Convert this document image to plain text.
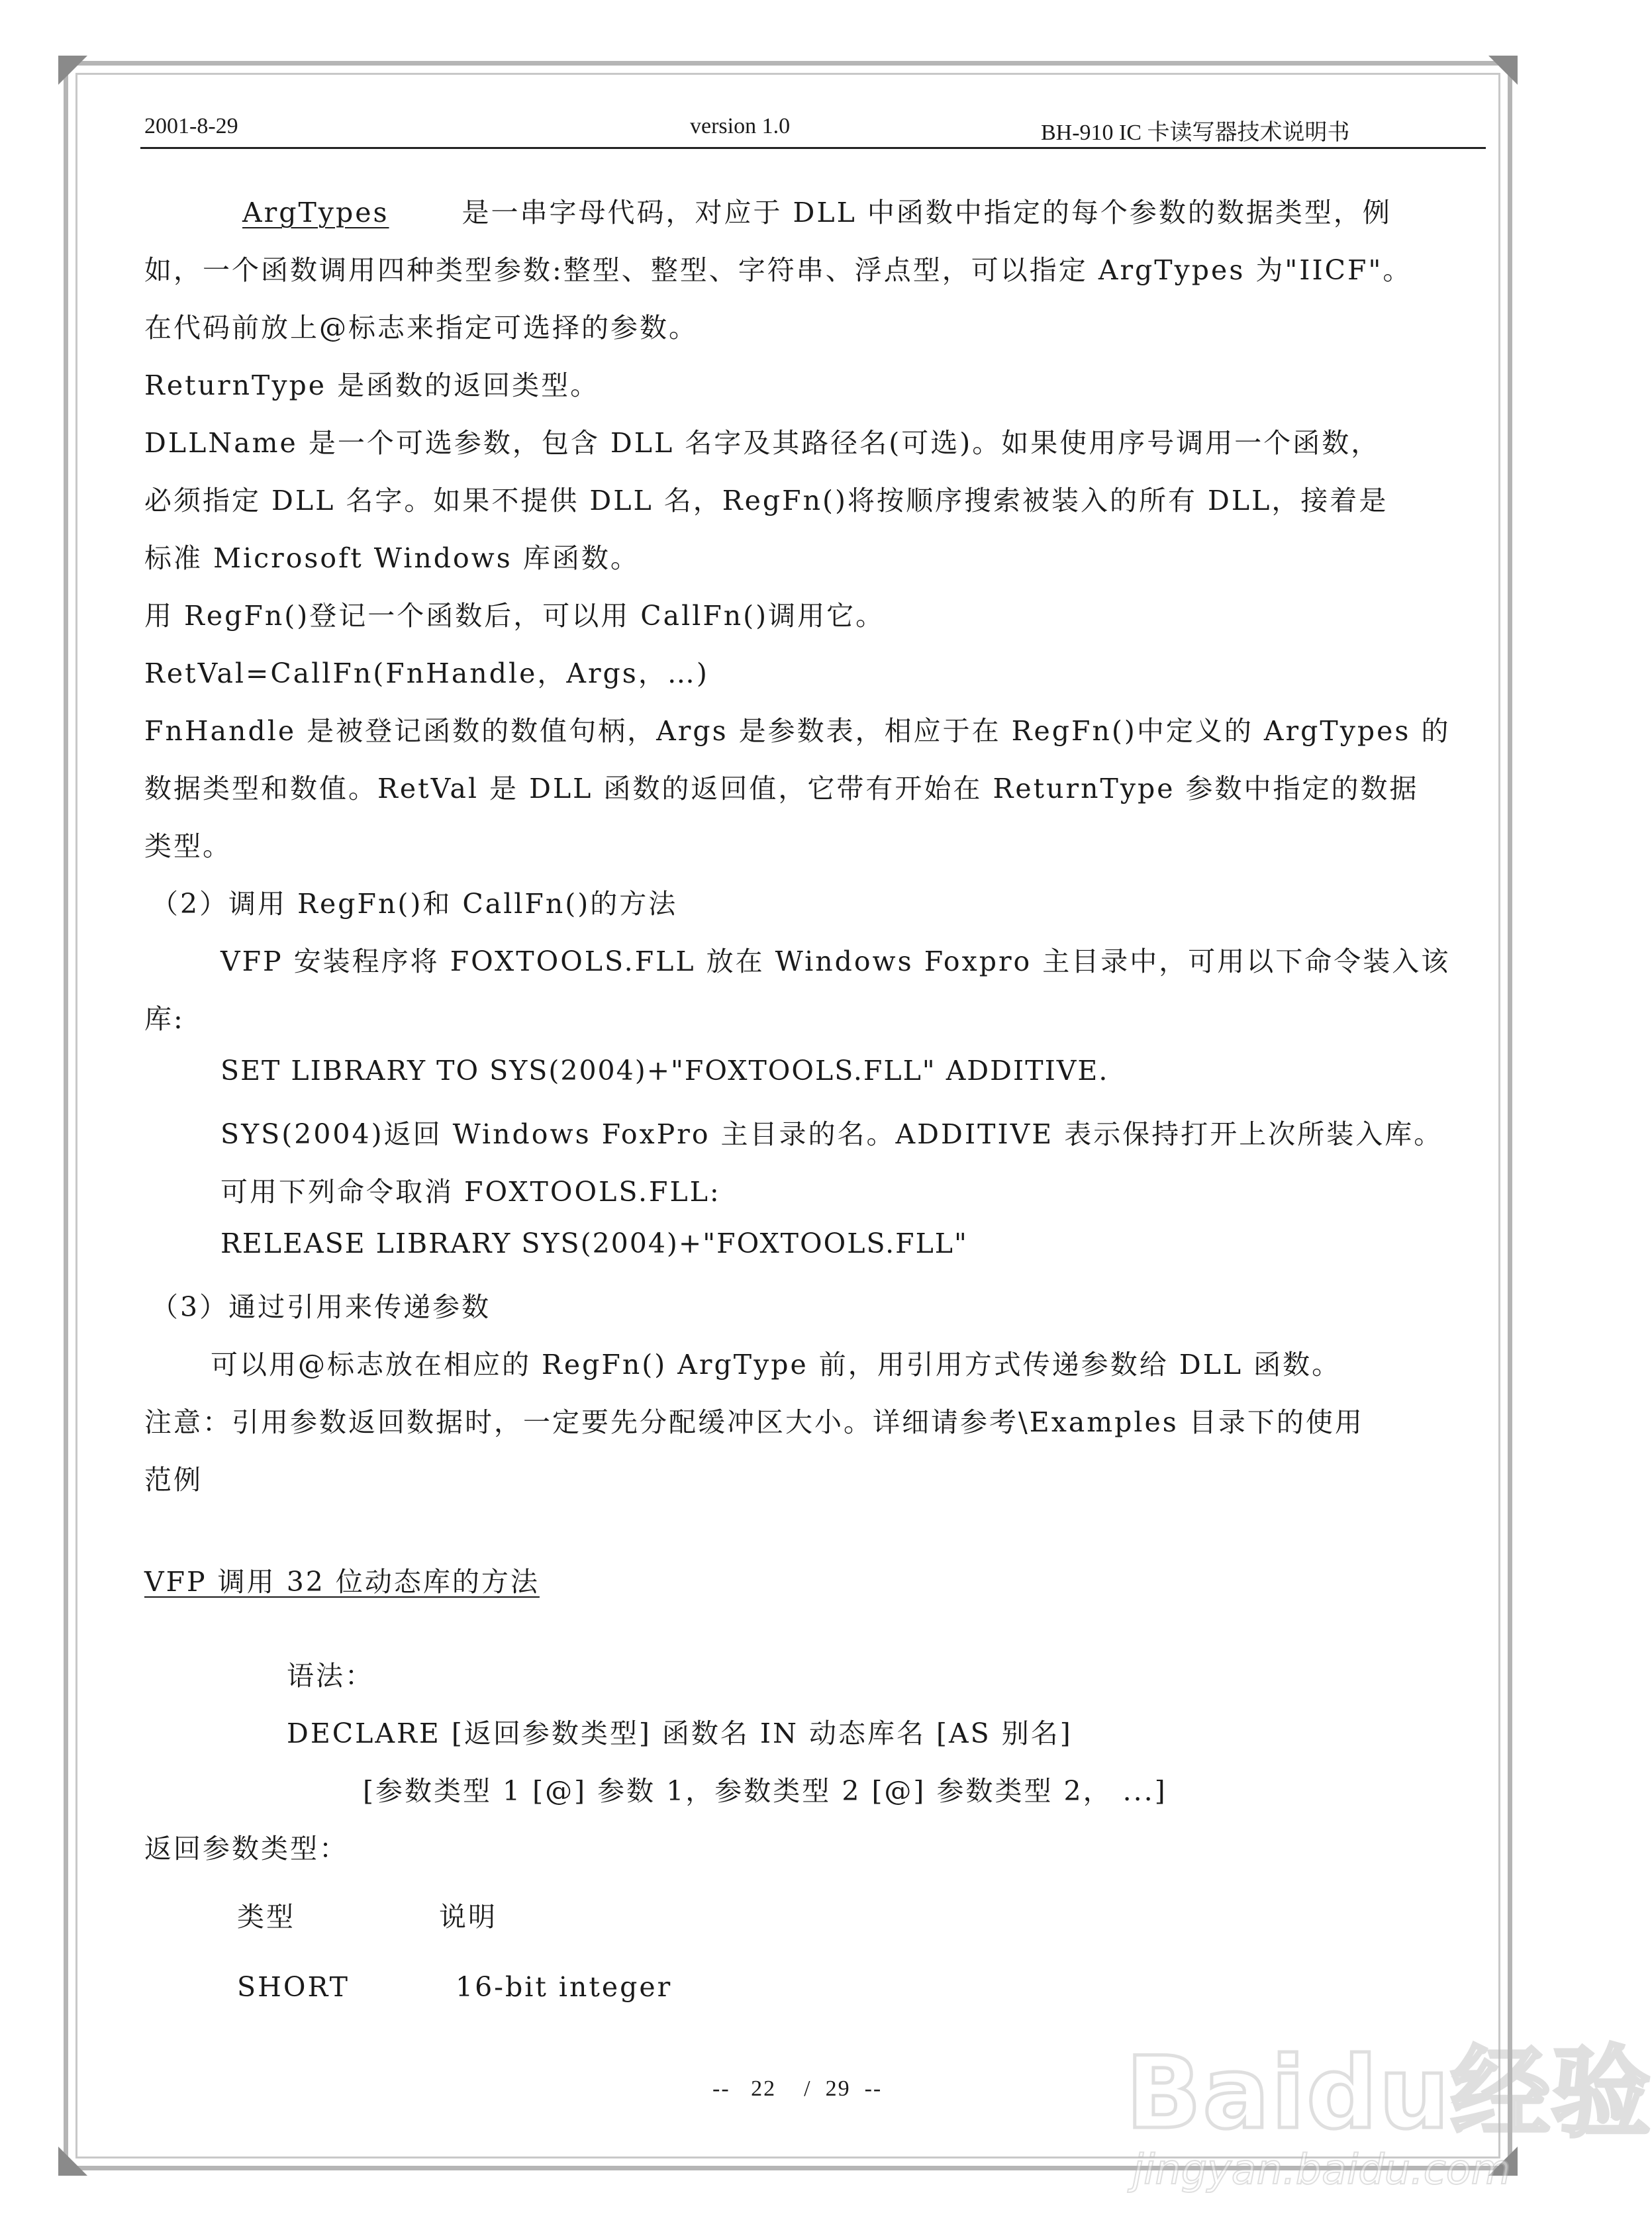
2001-8-29	version 1.0	BH-910 IC 卡读写器技术说明书
ArgTypes	是一串字母代码，对应于 DLL 中函数中指定的每个参数的数据类型，例
如，一个函数调用四种类型参数:整型、整型、字符串、浮点型，可以指定 ArgTypes 为"IICF"。
在代码前放上@标志来指定可选择的参数。
ReturnType 是函数的返回类型。
DLLName 是一个可选参数，包含 DLL 名字及其路径名(可选)。如果使用序号调用一个函数，
必须指定 DLL 名字。如果不提供 DLL 名，RegFn()将按顺序搜索被装入的所有 DLL，接着是
标准 Microsoft Windows 库函数。
用 RegFn()登记一个函数后，可以用 CallFn()调用它。
RetVal=CallFn(FnHandle，Args，…)
FnHandle 是被登记函数的数值句柄，Args 是参数表，相应于在 RegFn()中定义的 ArgTypes 的
数据类型和数值。RetVal 是 DLL 函数的返回值，它带有开始在 ReturnType 参数中指定的数据
类型。
（2）调用 RegFn()和 CallFn()的方法
VFP 安装程序将 FOXTOOLS.FLL 放在 Windows Foxpro 主目录中，可用以下命令装入该
库:
SET LIBRARY TO SYS(2004)+"FOXTOOLS.FLL" ADDITIVE.
SYS(2004)返回 Windows FoxPro 主目录的名。ADDITIVE 表示保持打开上次所装入库。
可用下列命令取消 FOXTOOLS.FLL:
RELEASE LIBRARY SYS(2004)+"FOXTOOLS.FLL"
（3）通过引用来传递参数
可以用@标志放在相应的 RegFn() ArgType 前，用引用方式传递参数给 DLL 函数。
注意：引用参数返回数据时，一定要先分配缓冲区大小。详细请参考\Examples 目录下的使用
范例
VFP 调用 32 位动态库的方法
语法：
DECLARE [返回参数类型] 函数名 IN 动态库名 [AS 别名]
[参数类型 1 [@] 参数 1，参数类型 2 [@] 参数类型 2， ...]
返回参数类型：
类型	说明
SHORT	16-bit integer
-- 22 / 29 -- Baidu经验
jingyan.baidu.com
